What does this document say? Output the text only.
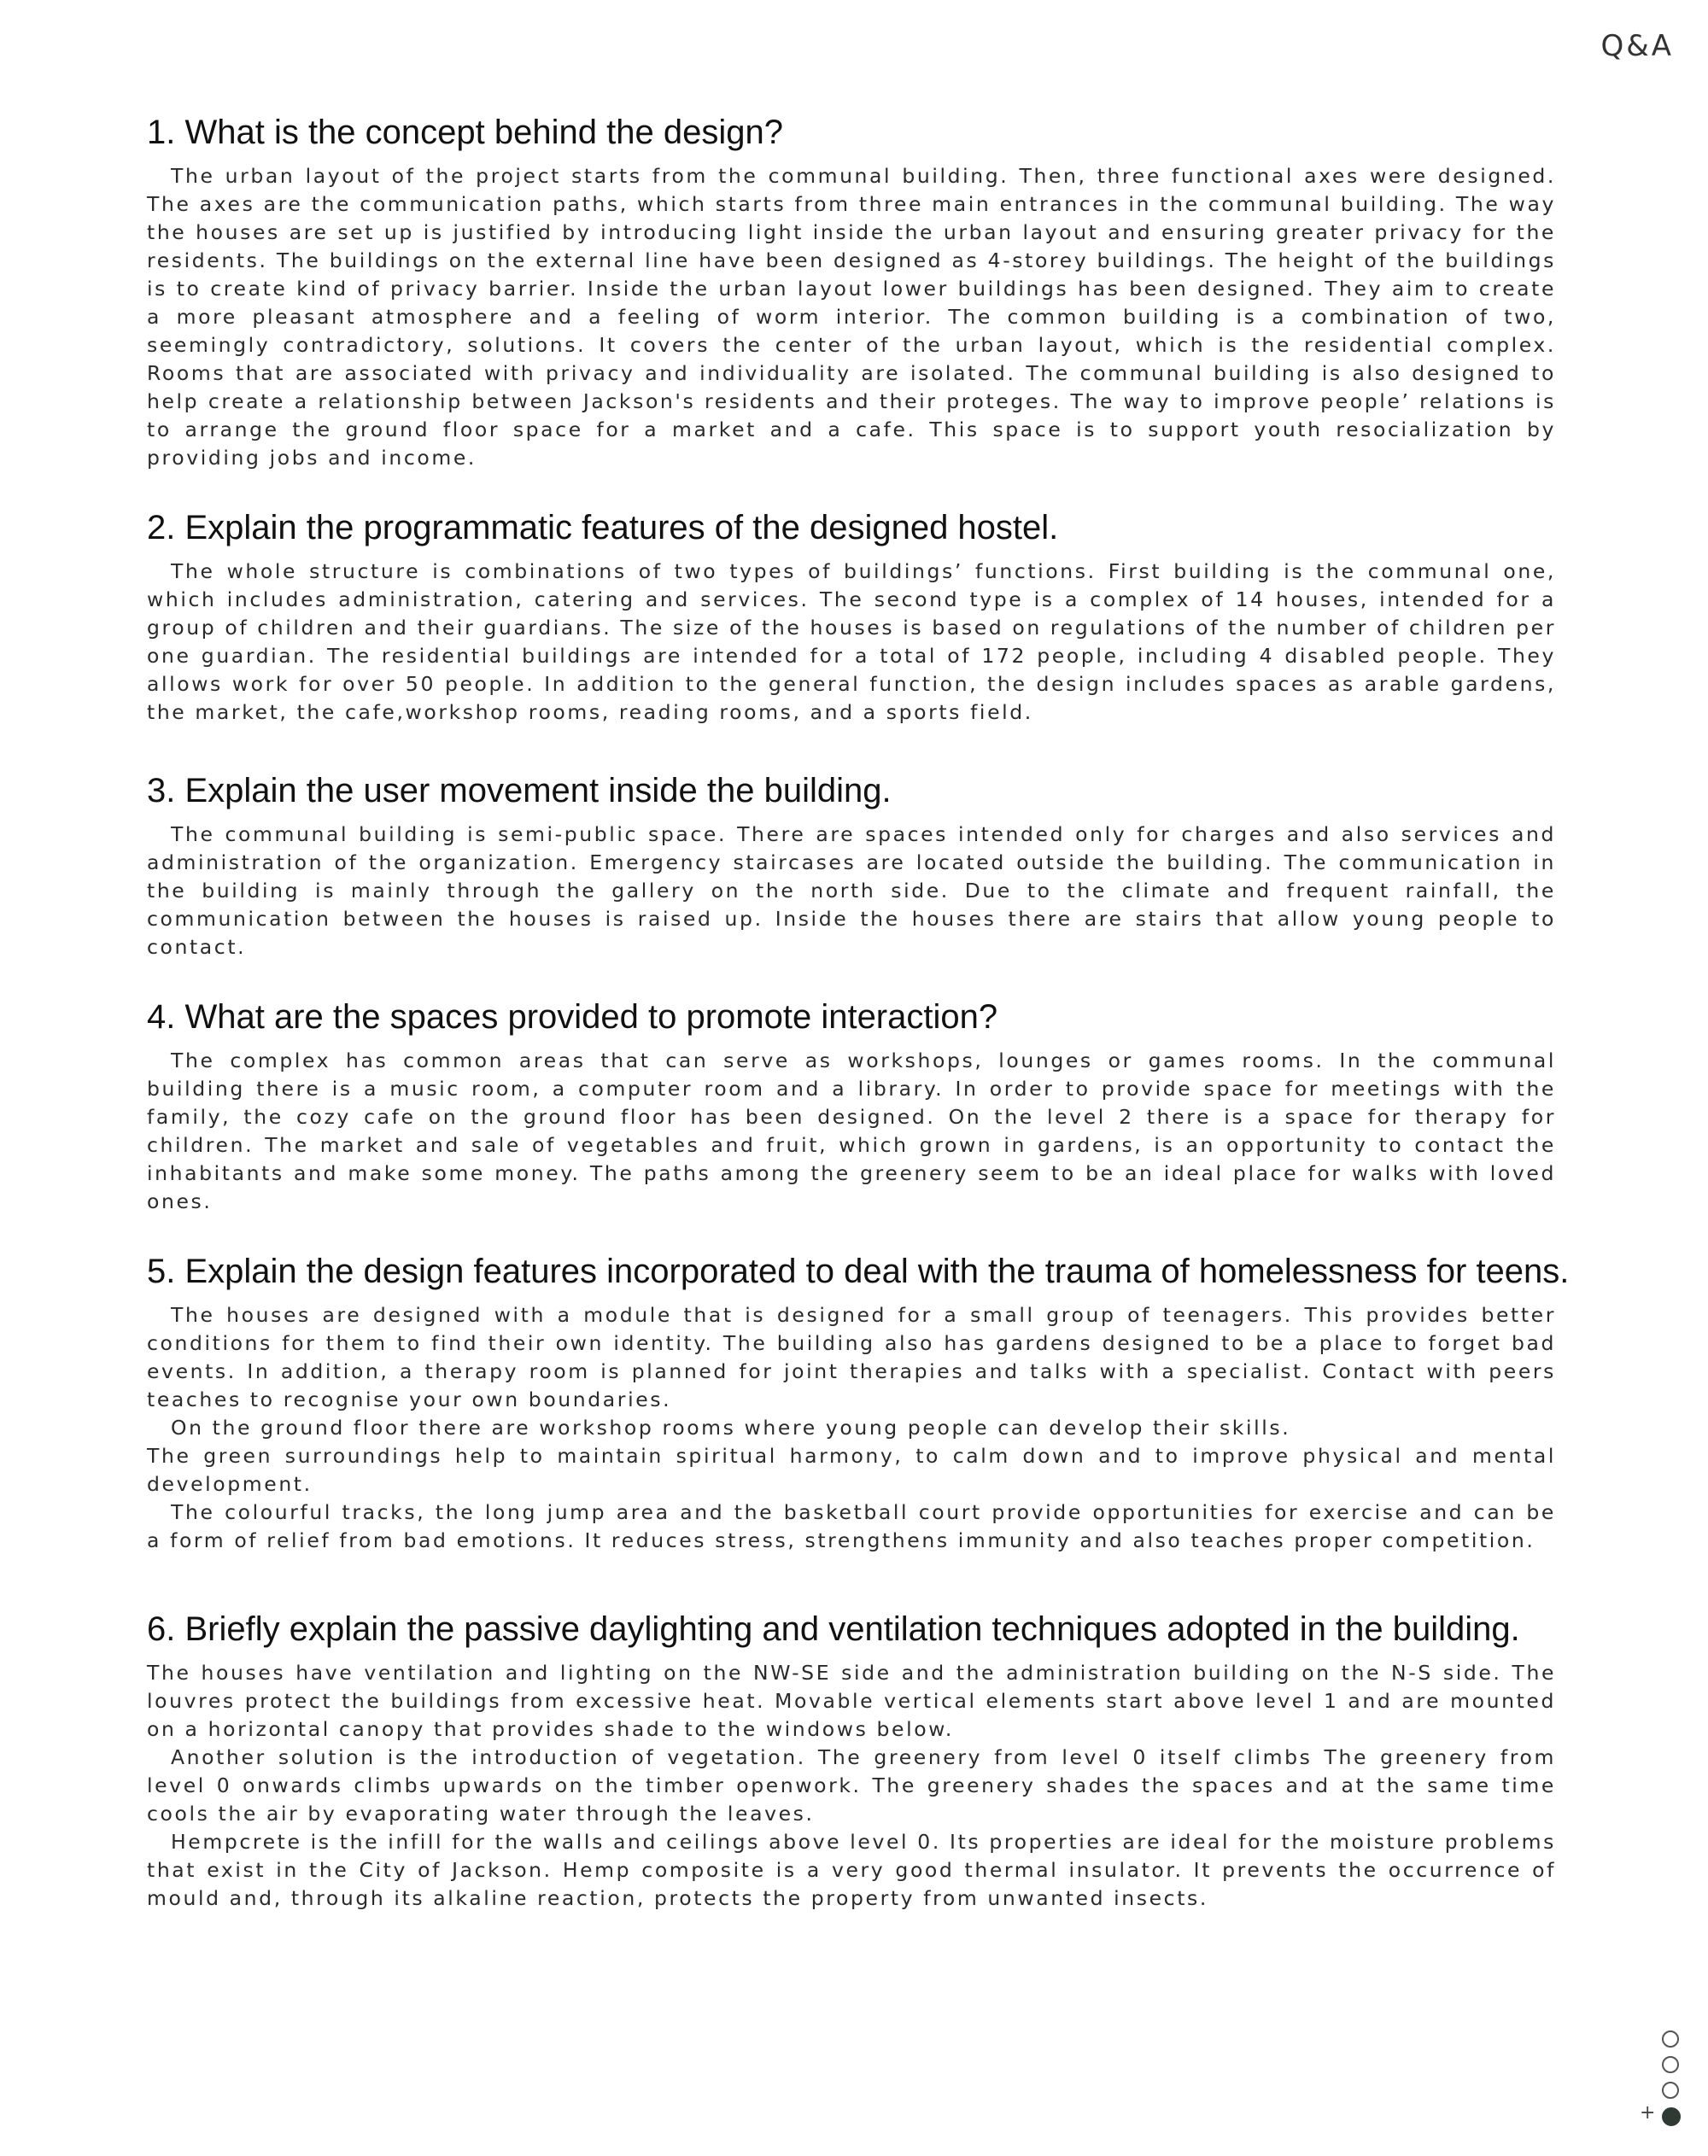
Q&A
1. What is the concept behind the design?

The urban layout of the project starts from the communal building. Then, three functional axes were designed. The axes are the communication paths, which starts from three main entrances in the communal building. The way the houses are set up is justified by introducing light inside the urban layout and ensuring greater privacy for the residents. The buildings on the external line have been designed as 4-storey buildings. The height of the buildings is to create kind of privacy barrier. Inside the urban layout lower buildings has been designed. They aim to create a more pleasant atmosphere and a feeling of worm interior. The common building is a combination of two, seemingly contradictory, solutions. It covers the center of the urban layout, which is the residential complex. Rooms that are associated with privacy and individuality are isolated. The communal building is also designed to help create a relationship between Jackson's residents and their proteges. The way to improve people’ relations is to arrange the ground floor space for a market and a cafe. This space is to support youth resocialization by providing jobs and income.

2. Explain the programmatic features of the designed hostel.

The whole structure is combinations of two types of buildings’ functions. First building is the communal one, which includes administration, catering and services. The second type is a complex of 14 houses, intended for a group of children and their guardians. The size of the houses is based on regulations of the number of children per one guardian. The residential buildings are intended for a total of 172 people, including 4 disabled people. They allows work for over 50 people. In addition to the general function, the design includes spaces as arable gardens, the market, the cafe,workshop rooms, reading rooms, and a sports field.

3. Explain the user movement inside the building.

The communal building is semi-public space. There are spaces intended only for charges and also services and administration of the organization. Emergency staircases are located outside the building. The communication in the building is mainly through the gallery on the north side. Due to the climate and frequent rainfall, the communication between the houses is raised up. Inside the houses there are stairs that allow young people to contact.

4. What are the spaces provided to promote interaction?

The complex has common areas that can serve as workshops, lounges or games rooms. In the communal building there is a music room, a computer room and a library. In order to provide space for meetings with the family, the cozy cafe on the ground floor has been designed. On the level 2 there is a space for therapy for children. The market and sale of vegetables and fruit, which grown in gardens, is an opportunity to contact the inhabitants and make some money. The paths among the greenery seem to be an ideal place for walks with loved ones.

5. Explain the design features incorporated to deal with the trauma of homelessness for teens.

The houses are designed with a module that is designed for a small group of teenagers. This provides better conditions for them to find their own identity. The building also has gardens designed to be a place to forget bad events. In addition, a therapy room is planned for joint therapies and talks with a specialist. Contact with peers teaches to recognise your own boundaries.

On the ground floor there are workshop rooms where young people can develop their skills.

The green surroundings help to maintain spiritual harmony, to calm down and to improve physical and mental development.

The colourful tracks, the long jump area and the basketball court provide opportunities for exercise and can be a form of relief from bad emotions. It reduces stress, strengthens immunity and also teaches proper competition.

6. Briefly explain the passive daylighting and ventilation techniques adopted in the building.

The houses have ventilation and lighting on the NW-SE side and the administration building on the N-S side. The louvres protect the buildings from excessive heat. Movable vertical elements start above level 1 and are mounted on a horizontal canopy that provides shade to the windows below.

Another solution is the introduction of vegetation. The greenery from level 0 itself climbs The greenery from level 0 onwards climbs upwards on the timber openwork. The greenery shades the spaces and at the same time cools the air by evaporating water through the leaves.

Hempcrete is the infill for the walls and ceilings above level 0. Its properties are ideal for the moisture problems that exist in the City of Jackson. Hemp composite is a very good thermal insulator. It prevents the occurrence of mould and, through its alkaline reaction, protects the property from unwanted insects.

+
